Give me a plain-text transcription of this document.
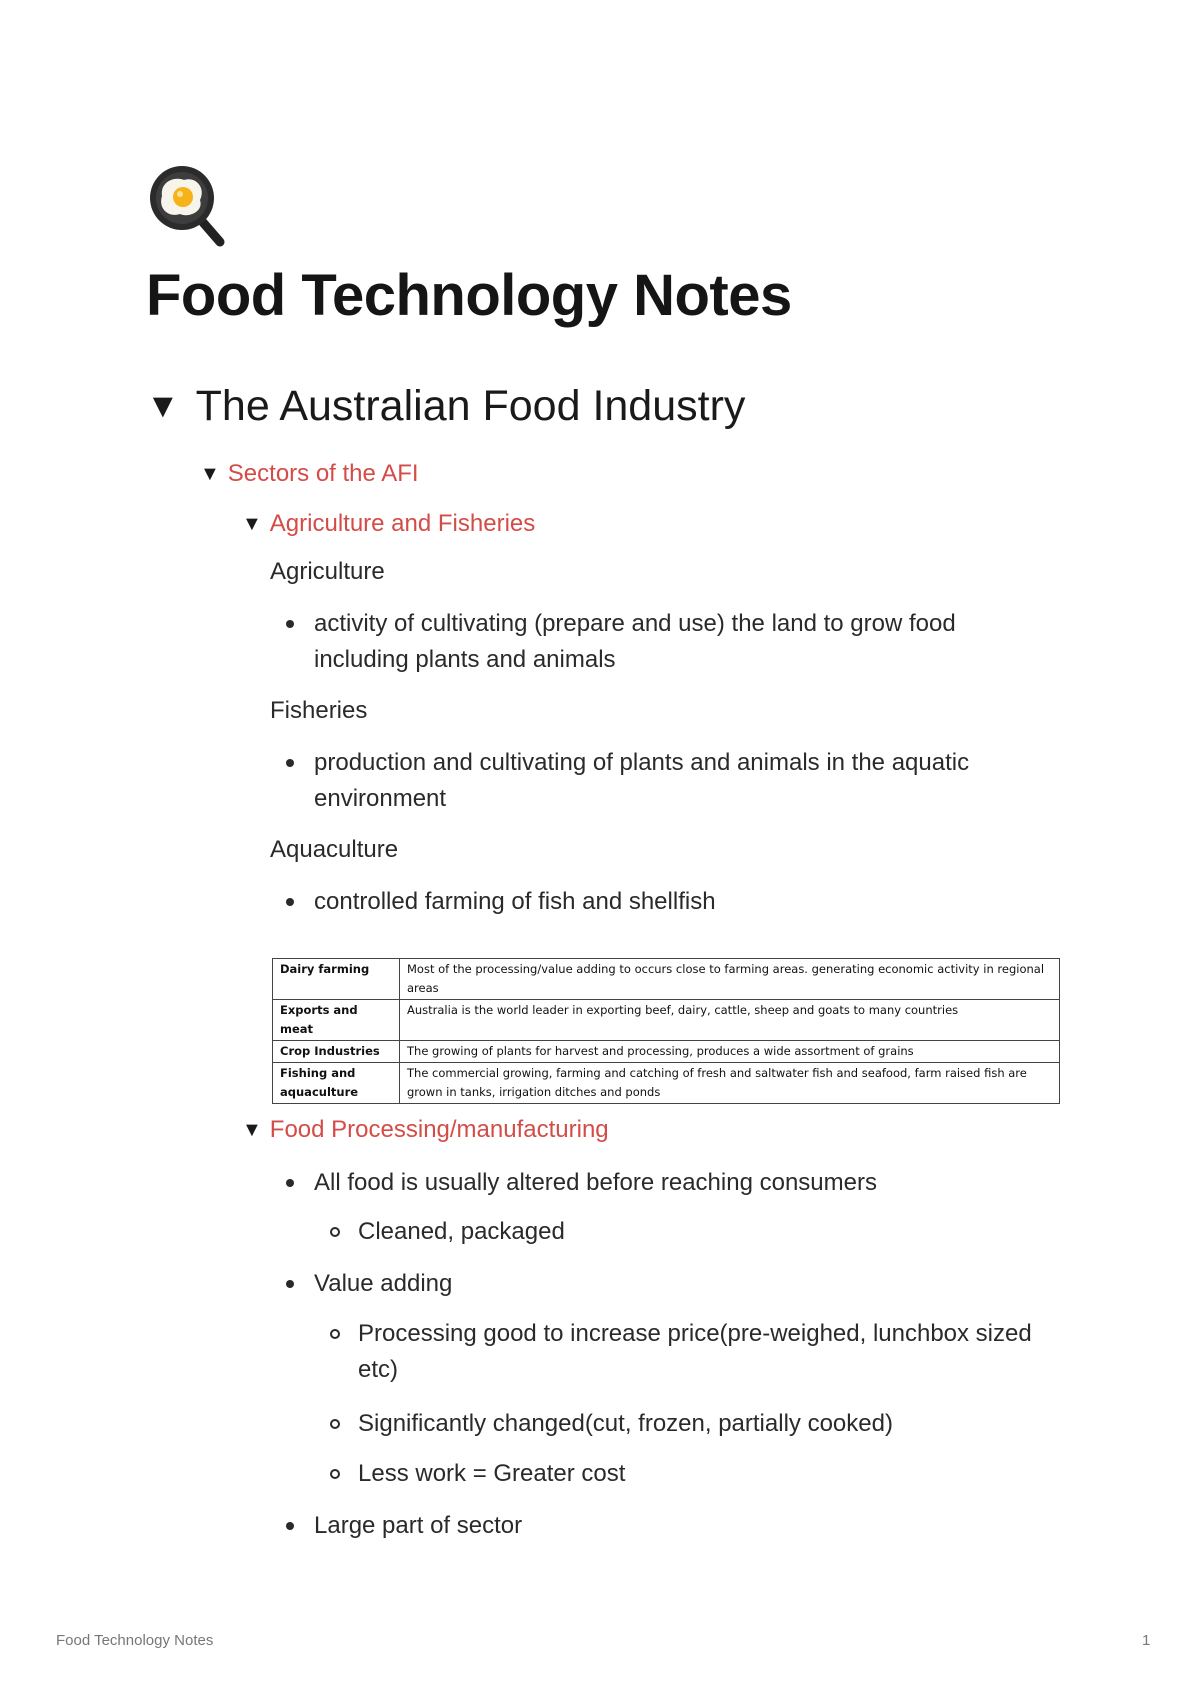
Food Technology Notes
▼ The Australian Food Industry
▼ Sectors of the AFI
▼ Agriculture and Fisheries
Agriculture
activity of cultivating (prepare and use) the land to grow food including plants and animals
Fisheries
production and cultivating of plants and animals in the aquatic environment
Aquaculture
controlled farming of fish and shellfish
Dairy farming	Most of the processing/value adding to occurs close to farming areas. generating economic activity in regional areas
Exports and meat	Australia is the world leader in exporting beef, dairy, cattle, sheep and goats to many countries
Crop Industries	The growing of plants for harvest and processing, produces a wide assortment of grains
Fishing and aquaculture	The commercial growing, farming and catching of fresh and saltwater fish and seafood, farm raised fish are grown in tanks, irrigation ditches and ponds
▼ Food Processing/manufacturing
All food is usually altered before reaching consumers
Cleaned, packaged
Value adding
Processing good to increase price(pre-weighed, lunchbox sized etc)
Significantly changed(cut, frozen, partially cooked)
Less work = Greater cost
Large part of sector
Food Technology Notes	1
